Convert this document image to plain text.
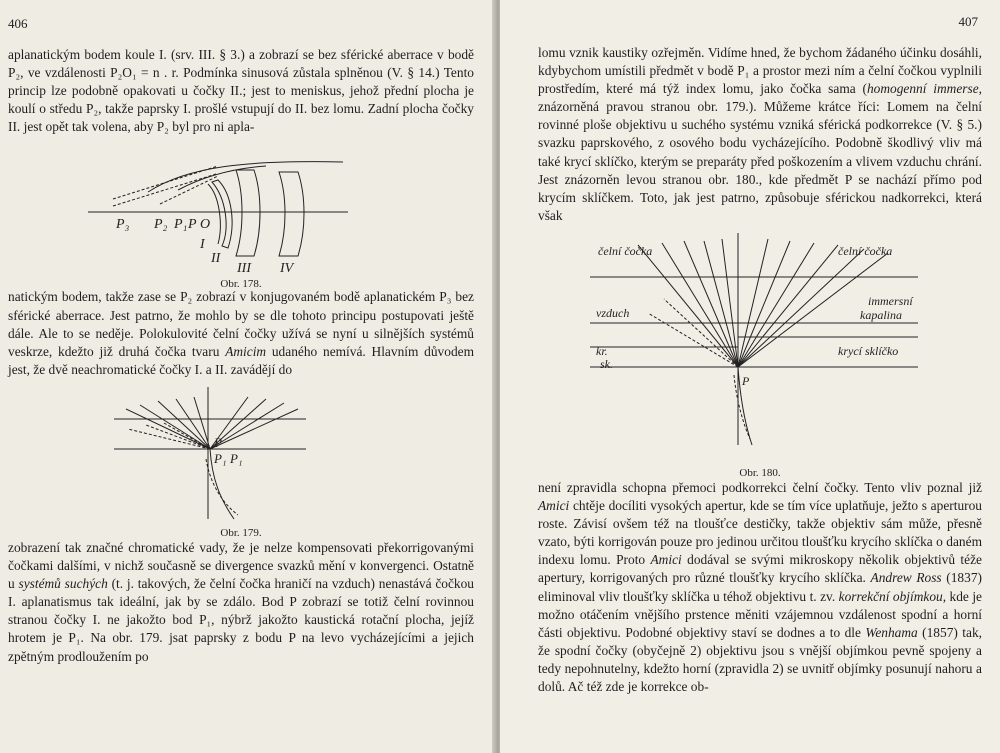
406

aplanatickým bodem koule I. (srv. III. § 3.) a zobrazí se bez sférické aberrace v bodě P₂, ve vzdálenosti P₂O₁ = n . r. Podmínka sinusová zůstala splněnou (V. § 14.) Tento princip lze podobně opakovati u čočky II.; jest to meniskus, jehož přední plocha je koulí o středu P₂, takže paprsky I. prošlé vstupují do II. bez lomu. Zadní plocha čočky II. jest opět tak volena, aby P₂ byl pro ni apla-

P₃ P₂ P₁ P O
I
II
III IV
Obr. 178.

natickým bodem, takže zase se P₂ zobrazí v konjugovaném bodě aplanatickém P₃ bez sférické aberrace. Jest patrno, že mohlo by se dle tohoto principu postupovati ještě dále. Ale to se neděje. Polokulovité čelní čočky užívá se nyní u silnějších systémů veskrze, kdežto již druhá čočka tvaru Amicim udaného nemívá. Hlavním důvodem jest, že dvě neachromatické čočky I. a II. zavádějí do

P
P₁ P₁
Obr. 179.

zobrazení tak značné chromatické vady, že je nelze kompensovati překorrigovanými čočkami dalšími, v nichž současně se divergence svazků mění v konvergenci. Ostatně u systémů suchých (t. j. takových, že čelní čočka hraničí na vzduch) nenastává čočkou I. aplanatismus tak ideální, jak by se zdálo. Bod P zobrazí se totiž čelní rovinnou stranou čočky I. ne jakožto bod P₁, nýbrž jakožto kaustická rotační plocha, jejíž hrotem je P₁. Na obr. 179. jsat paprsky z bodu P na levo vycházejícími a jejich zpětným prodloužením po

407

lomu vznik kaustiky ozřejměn. Vidíme hned, že bychom žádaného účinku dosáhli, kdybychom umístili předmět v bodě P₁ a prostor mezi ním a čelní čočkou vyplnili prostředím, které má týž index lomu, jako čočka sama (homogenní immerse, znázorněná pravou stranou obr. 179.). Můžeme krátce říci: Lomem na čelní rovinné ploše objektivu u suchého systému vzniká sférická podkorrekce (V. § 5.) svazku paprskového, z osového bodu vycházejícího. Podobně škodlivý vliv má také krycí sklíčko, kterým se preparáty před poškozením a vlivem vzduchu chrání. Jest znázorněn levou stranou obr. 180., kde předmět P se nachází přímo pod krycím sklíčkem. Toto, jak jest patrno, způsobuje sférickou nadkorrekci, která však

čelní čočka	čelní čočka
vzduch
immersní kapalina
kr. sk.
krycí sklíčko
P
Obr. 180.

není zpravidla schopna přemoci podkorrekci čelní čočky. Tento vliv poznal již Amici chtěje docíliti vysokých apertur, kde se tím více uplatňuje, ježto s aperturou roste. Závisí ovšem též na tloušťce destičky, takže objektiv sám může, přesně vzato, býti korrigován pouze pro jedinou určitou tloušťku krycího sklíčka o daném indexu lomu. Proto Amici dodával se svými mikroskopy několik objektivů téže apertury, korrigovaných pro různé tloušťky krycího sklíčka. Andrew Ross (1837) eliminoval vliv tloušťky sklíčka u téhož objektivu t. zv. korrekční objímkou, kde je možno otáčením vnějšího prstence měniti vzájemnou vzdálenost spodní a horní části objektivu. Podobné objektivy staví se dodnes a to dle Wenhama (1857) tak, že spodní čočky (obyčejně 2) objektivu jsou s vnější objímkou pevně spojeny a tedy nepohnutelny, kdežto horní (zpravidla 2) se uvnitř objímky posunují nahoru a dolů. Ač též zde je korrekce ob-
